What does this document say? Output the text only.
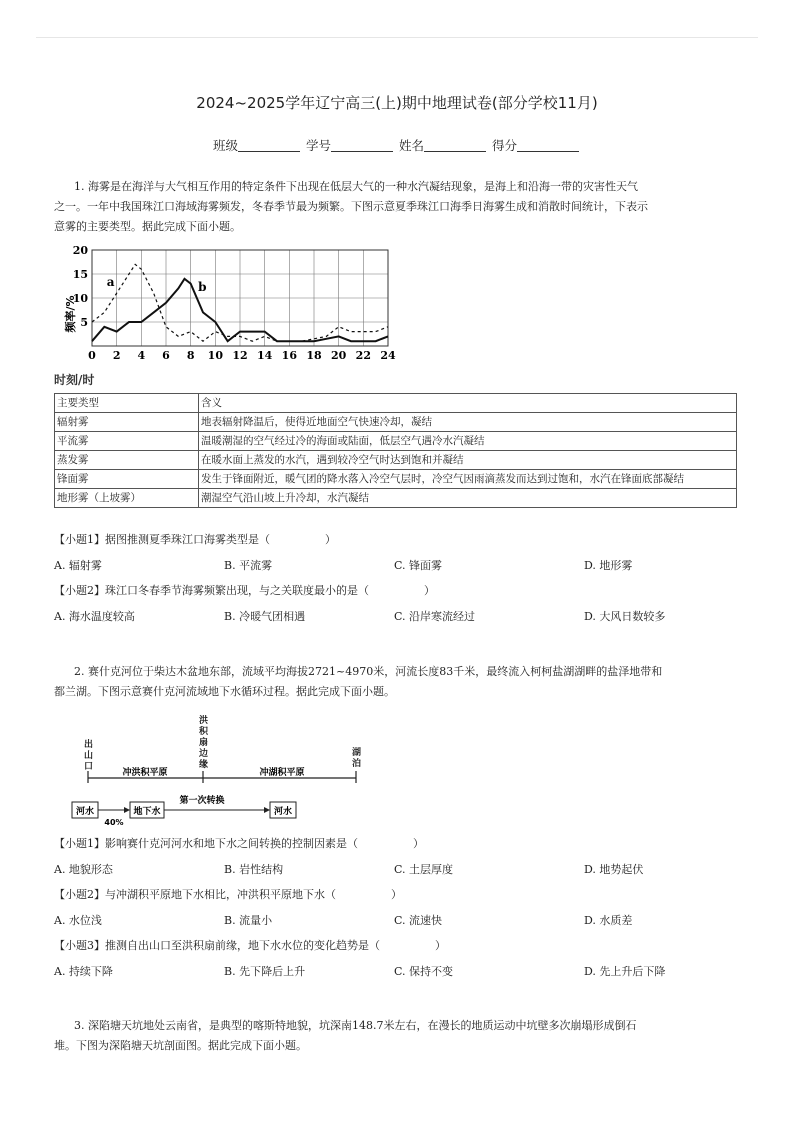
2024~2025学年辽宁高三(上)期中地理试卷(部分学校11月)
班级	学号	姓名	得分
1. 海雾是在海洋与大气相互作用的特定条件下出现在低层大气的一种水汽凝结现象，是海上和沿海一带的灾害性天气
之一。一年中我国珠江口海域海雾频发，冬春季节最为频繁。下图示意夏季珠江口海季日海雾生成和消散时间统计，下表示
意雾的主要类型。据此完成下面小题。
0 2 4 6 8 10 12 14 16 18 20 22 24
5
10
15
20
频率/%
a	b
时刻/时
主要类型	含义
辐射雾	地表辐射降温后，使得近地面空气快速冷却，凝结
平流雾	温暖潮湿的空气经过冷的海面或陆面，低层空气遇冷水汽凝结
蒸发雾	在暖水面上蒸发的水汽，遇到较冷空气时达到饱和并凝结
锋面雾	发生于锋面附近，暖气团的降水落入冷空气层时，冷空气因雨滴蒸发而达到过饱和，水汽在锋面底部凝结
地形雾（上坡雾）	潮湿空气沿山坡上升冷却，水汽凝结
【小题1】据图推测夏季珠江口海雾类型是（　　　　　）
A. 辐射雾	B. 平流雾	C. 锋面雾	D. 地形雾
【小题2】珠江口冬春季节海雾频繁出现，与之关联度最小的是（　　　　　）
A. 海水温度较高	B. 冷暖气团相遇	C. 沿岸寒流经过	D. 大风日数较多
2. 赛什克河位于柴达木盆地东部，流域平均海拔2721~4970米，河流长度83千米，最终流入柯柯盐湖湖畔的盐泽地带和
都兰湖。下图示意赛什克河流域地下水循环过程。据此完成下面小题。
出
山
口
洪
积
扇
边
缘
湖
泊
冲洪积平原	冲湖积平原
河水	地下水	河水
第一次转换
40%
【小题1】影响赛什克河河水和地下水之间转换的控制因素是（　　　　　）
A. 地貌形态	B. 岩性结构	C. 土层厚度	D. 地势起伏
【小题2】与冲湖积平原地下水相比，冲洪积平原地下水（　　　　　）
A. 水位浅	B. 流量小	C. 流速快	D. 水质差
【小题3】推测自出山口至洪积扇前缘，地下水水位的变化趋势是（　　　　　）
A. 持续下降	B. 先下降后上升	C. 保持不变	D. 先上升后下降
3. 深陷塘天坑地处云南省，是典型的喀斯特地貌，坑深南148.7米左右，在漫长的地质运动中坑壁多次崩塌形成倒石
堆。下图为深陷塘天坑剖面图。据此完成下面小题。
